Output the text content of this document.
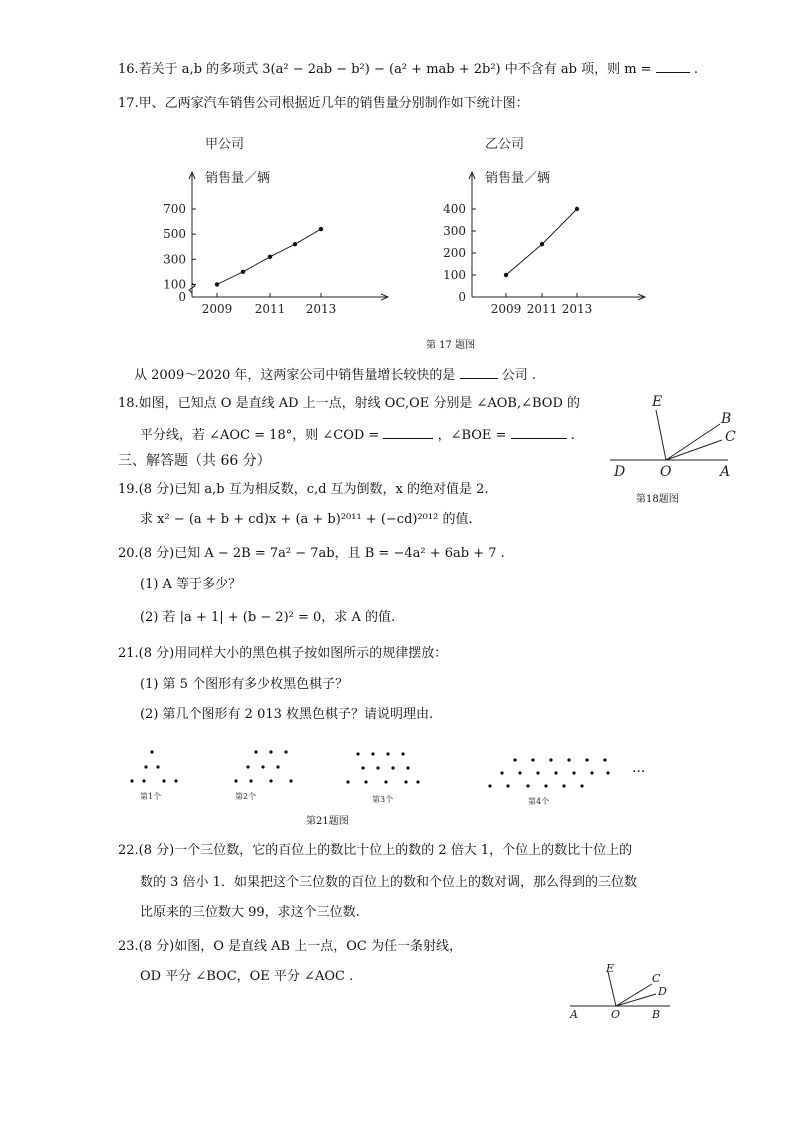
16.若关于 a,b 的多项式 3(a² − 2ab − b²) − (a² + mab + 2b²) 中不含有 ab 项，则 m =	.
17.甲、乙两家汽车销售公司根据近几年的销售量分别制作如下统计图：
甲公司
销售量／辆
0
100
300
500
700
2009 2011 2013
乙公司
销售量／辆
0
100
200
300
400
2009 2011 2013
第 17 题图
从 2009～2020 年，这两家公司中销售量增长较快的是	公司 .
18.如图，已知点 O 是直线 AD 上一点，射线 OC,OE 分别是 ∠AOB,∠BOD 的
平分线，若 ∠AOC = 18°，则 ∠COD =	，∠BOE =	.
E
B
C
D O	A
第18题图
三、解答题（共 66 分）
19.(8 分)已知 a,b 互为相反数，c,d 互为倒数，x 的绝对值是 2.
求 x² − (a + b + cd)x + (a + b)²⁰¹¹ + (−cd)²⁰¹² 的值.
20.(8 分)已知 A − 2B = 7a² − 7ab，且 B = −4a² + 6ab + 7 .
(1) A 等于多少？
(2) 若 |a + 1| + (b − 2)² = 0，求 A 的值.
21.(8 分)用同样大小的黑色棋子按如图所示的规律摆放：
(1) 第 5 个图形有多少枚黑色棋子？
(2) 第几个图形有 2 013 枚黑色棋子？请说明理由.
第1个	第2个	第3个	第4个
···
第21题图
22.(8 分)一个三位数，它的百位上的数比十位上的数的 2 倍大 1，个位上的数比十位上的
数的 3 倍小 1．如果把这个三位数的百位上的数和个位上的数对调，那么得到的三位数
比原来的三位数大 99，求这个三位数.
23.(8 分)如图，O 是直线 AB 上一点，OC 为任一条射线，
OD 平分 ∠BOC，OE 平分 ∠AOC .
E
C
D
A	O	B
